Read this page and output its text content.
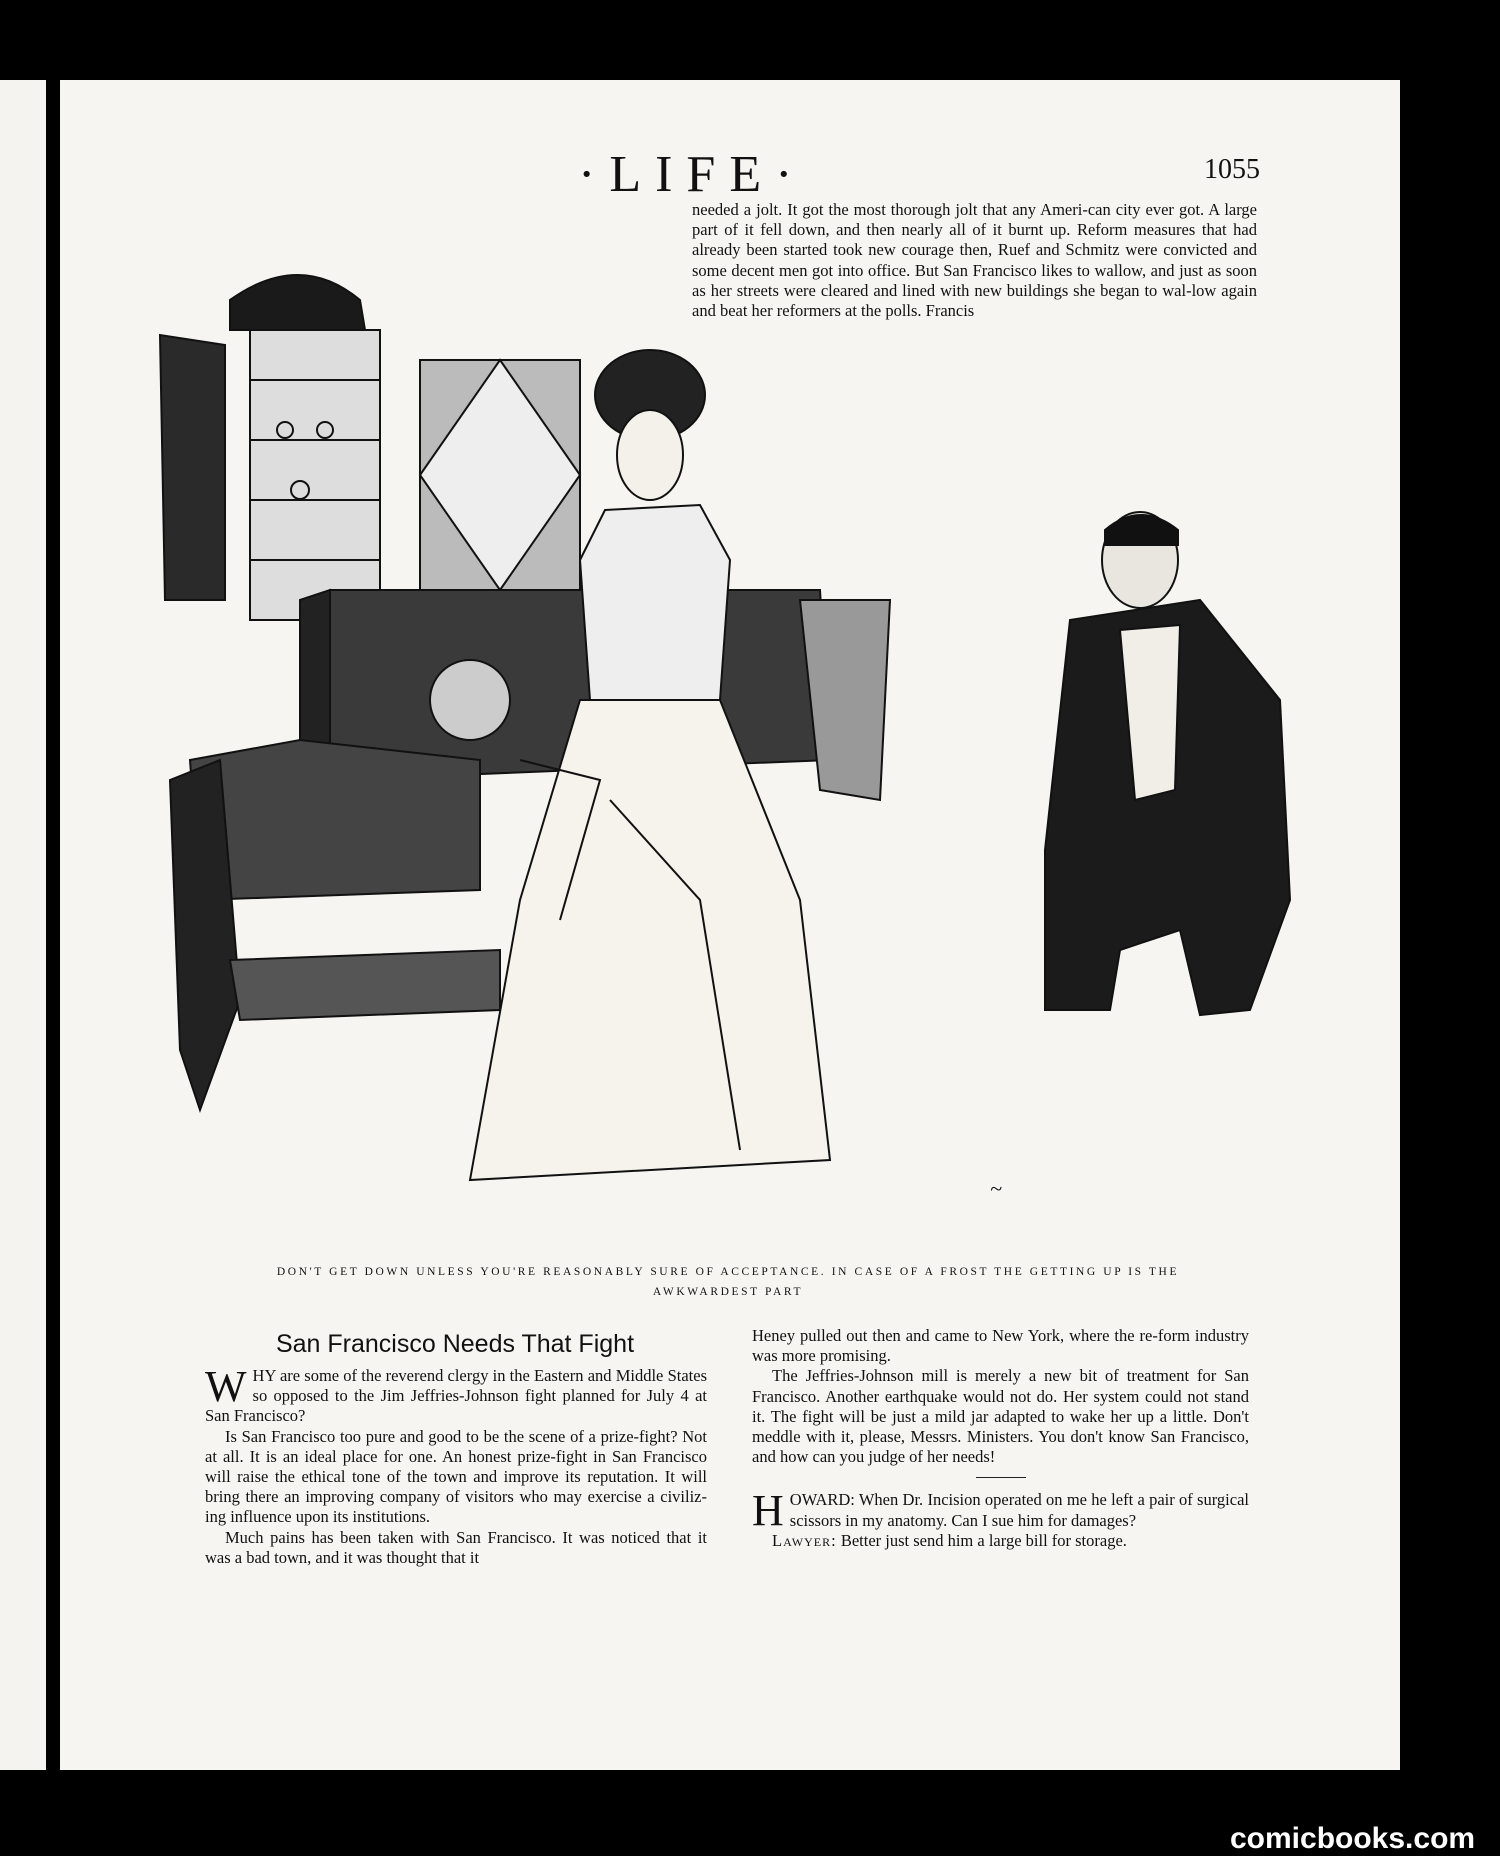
·LIFE·	1055

needed a jolt. It got the most thorough jolt that any Ameri-can city ever got. A large part of it fell down, and then nearly all of it burnt up. Reform measures that had already been started took new courage then, Ruef and Schmitz were convicted and some decent men got into office. But San Francisco likes to wallow, and just as soon as her streets were cleared and lined with new buildings she began to wal-low again and beat her reformers at the polls. Francis

~
DON'T GET DOWN UNLESS YOU'RE REASONABLY SURE OF ACCEPTANCE. IN CASE OF A FROST THE GETTING UP IS THE
AWKWARDEST PART
San Francisco Needs That Fight

WHY are some of the reverend clergy in the Eastern and Middle States so opposed to the Jim Jeffries-Johnson fight planned for July 4 at San Francisco?

Is San Francisco too pure and good to be the scene of a prize-fight? Not at all. It is an ideal place for one. An honest prize-fight in San Francisco will raise the ethical tone of the town and improve its reputation. It will bring there an improving company of visitors who may exercise a civiliz-ing influence upon its institutions.

Much pains has been taken with San Francisco. It was noticed that it was a bad town, and it was thought that it

Heney pulled out then and came to New York, where the re-form industry was more promising.

The Jeffries-Johnson mill is merely a new bit of treatment for San Francisco. Another earthquake would not do. Her system could not stand it. The fight will be just a mild jar adapted to wake her up a little. Don't meddle with it, please, Messrs. Ministers. You don't know San Francisco, and how can you judge of her needs!

HOWARD: When Dr. Incision operated on me he left a pair of surgical scissors in my anatomy. Can I sue him for damages?

Lawyer: Better just send him a large bill for storage.

comicbooks.com
